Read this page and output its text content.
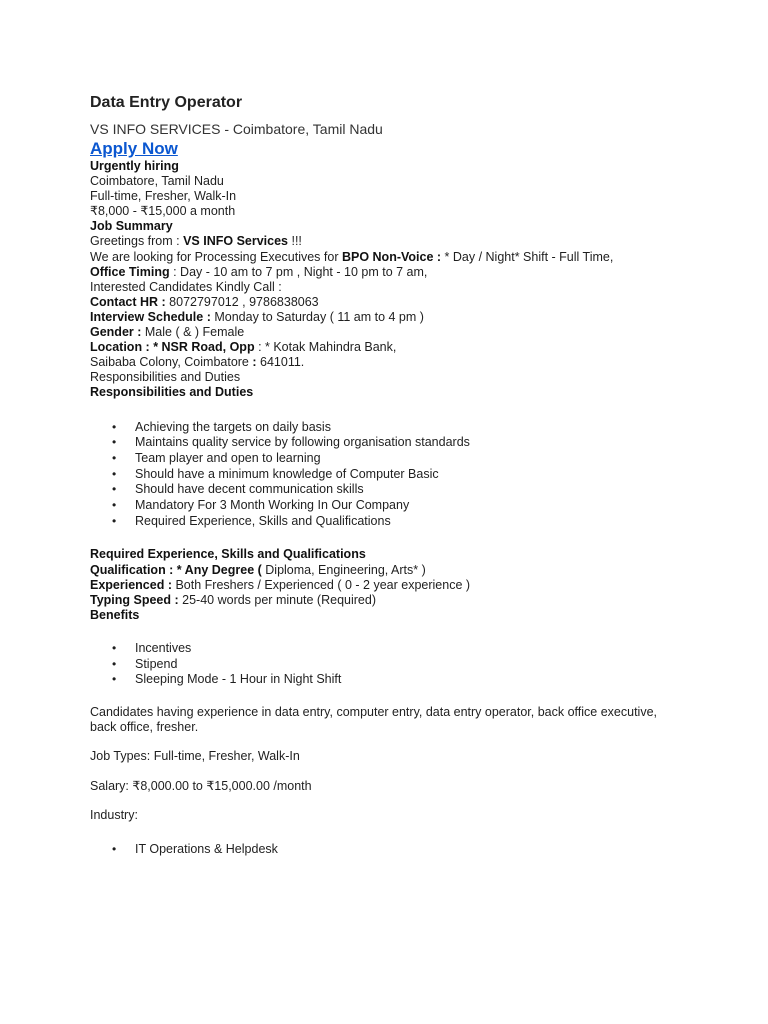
Data Entry Operator

VS INFO SERVICES - Coimbatore, Tamil Nadu

Apply Now

Urgently hiring

Coimbatore, Tamil Nadu

Full-time, Fresher, Walk-In

₹8,000 - ₹15,000 a month

Job Summary

Greetings from : VS INFO Services !!!

We are looking for Processing Executives for BPO Non-Voice : * Day / Night* Shift - Full Time,

Office Timing : Day - 10 am to 7 pm , Night - 10 pm to 7 am,

Interested Candidates Kindly Call :

Contact HR : 8072797012 , 9786838063

Interview Schedule : Monday to Saturday ( 11 am to 4 pm )

Gender : Male ( & ) Female

Location : * NSR Road, Opp : * Kotak Mahindra Bank,

Saibaba Colony, Coimbatore : 641011.

Responsibilities and Duties

Responsibilities and Duties

• Achieving the targets on daily basis
• Maintains quality service by following organisation standards
• Team player and open to learning
• Should have a minimum knowledge of Computer Basic
• Should have decent communication skills
• Mandatory For 3 Month Working In Our Company
• Required Experience, Skills and Qualifications

Required Experience, Skills and Qualifications

Qualification : * Any Degree ( Diploma, Engineering, Arts* )

Experienced : Both Freshers / Experienced ( 0 - 2 year experience )

Typing Speed : 25-40 words per minute (Required)

Benefits

• Incentives
• Stipend
• Sleeping Mode - 1 Hour in Night Shift

Candidates having experience in data entry, computer entry, data entry operator, back office executive, back office, fresher.

Job Types: Full-time, Fresher, Walk-In

Salary: ₹8,000.00 to ₹15,000.00 /month

Industry:

• IT Operations & Helpdesk
